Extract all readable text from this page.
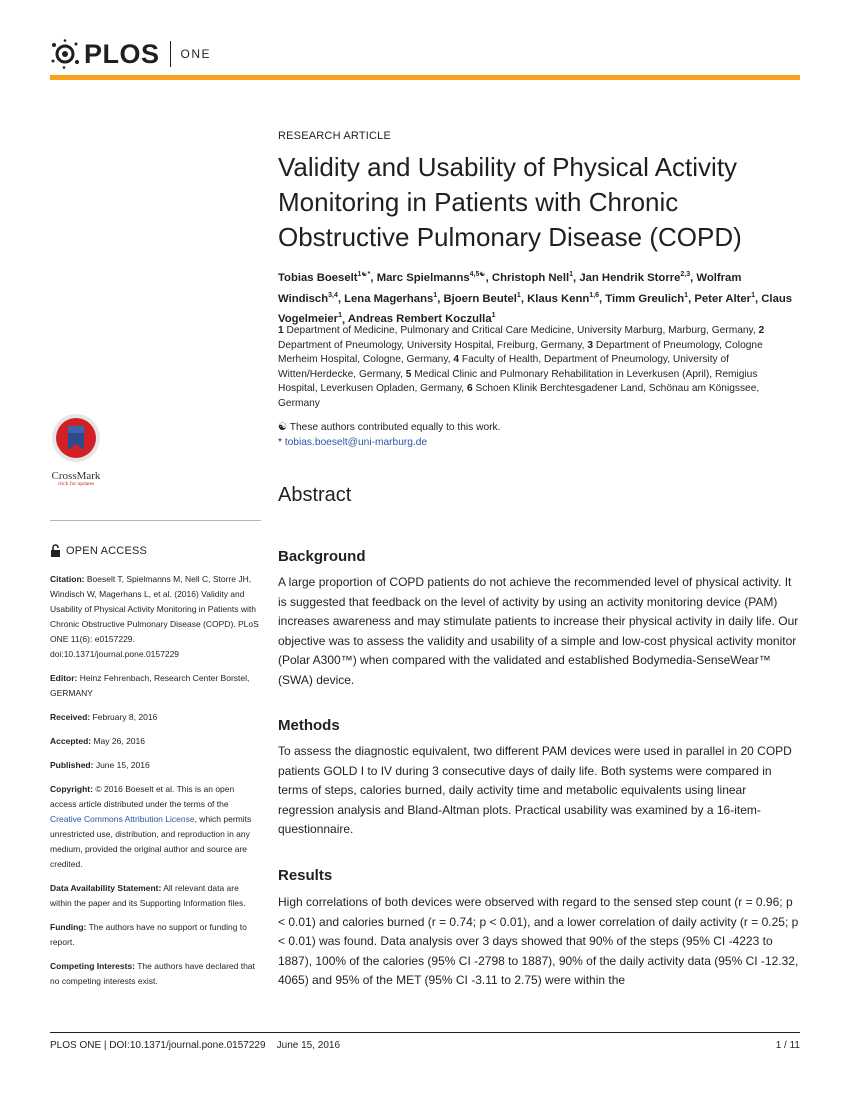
PLOS ONE
RESEARCH ARTICLE
Validity and Usability of Physical Activity Monitoring in Patients with Chronic Obstructive Pulmonary Disease (COPD)
Tobias Boeselt$^{1☯*}$, Marc Spielmanns$^{4,5☯}$, Christoph Nell$^1$, Jan Hendrik Storre$^{2,3}$, Wolfram Windisch$^{3,4}$, Lena Magerhans$^1$, Bjoern Beutel$^1$, Klaus Kenn$^{1,6}$, Timm Greulich$^1$, Peter Alter$^1$, Claus Vogelmeier$^1$, Andreas Rembert Koczulla$^1$
1 Department of Medicine, Pulmonary and Critical Care Medicine, University Marburg, Marburg, Germany, 2 Department of Pneumology, University Hospital, Freiburg, Germany, 3 Department of Pneumology, Cologne Merheim Hospital, Cologne, Germany, 4 Faculty of Health, Department of Pneumology, University of Witten/Herdecke, Germany, 5 Medical Clinic and Pulmonary Rehabilitation in Leverkusen (April), Remigius Hospital, Leverkusen Opladen, Germany, 6 Schoen Klinik Berchtesgadener Land, Schönau am Königssee, Germany
☯ These authors contributed equally to this work.
* tobias.boeselt@uni-marburg.de
CrossMark
click for updates
OPEN ACCESS

Citation: Boeselt T, Spielmanns M, Nell C, Storre JH, Windisch W, Magerhans L, et al. (2016) Validity and Usability of Physical Activity Monitoring in Patients with Chronic Obstructive Pulmonary Disease (COPD). PLoS ONE 11(6): e0157229. doi:10.1371/journal.pone.0157229

Editor: Heinz Fehrenbach, Research Center Borstel, GERMANY

Received: February 8, 2016

Accepted: May 26, 2016

Published: June 15, 2016

Copyright: © 2016 Boeselt et al. This is an open access article distributed under the terms of the Creative Commons Attribution License, which permits unrestricted use, distribution, and reproduction in any medium, provided the original author and source are credited.

Data Availability Statement: All relevant data are within the paper and its Supporting Information files.

Funding: The authors have no support or funding to report.

Competing Interests: The authors have declared that no competing interests exist.

Abstract
Background

A large proportion of COPD patients do not achieve the recommended level of physical activity. It is suggested that feedback on the level of activity by using an activity monitoring device (PAM) increases awareness and may stimulate patients to increase their physical activity in daily life. Our objective was to assess the validity and usability of a simple and low-cost physical activity monitor (Polar A300™) when compared with the validated and established Bodymedia-SenseWear™ (SWA) device.

Methods

To assess the diagnostic equivalent, two different PAM devices were used in parallel in 20 COPD patients GOLD I to IV during 3 consecutive days of daily life. Both systems were compared in terms of steps, calories burned, daily activity time and metabolic equivalents using linear regression analysis and Bland-Altman plots. Practical usability was examined by a 16-item-questionnaire.

Results

High correlations of both devices were observed with regard to the sensed step count (r = 0.96; p < 0.01) and calories burned (r = 0.74; p < 0.01), and a lower correlation of daily activity (r = 0.25; p < 0.01) was found. Data analysis over 3 days showed that 90% of the steps (95% CI -4223 to 1887), 100% of the calories (95% CI -2798 to 1887), 90% of the daily activity data (95% CI -12.32, 4065) and 95% of the MET (95% CI -3.11 to 2.75) were within the

PLOS ONE | DOI:10.1371/journal.pone.0157229    June 15, 2016	1 / 11
